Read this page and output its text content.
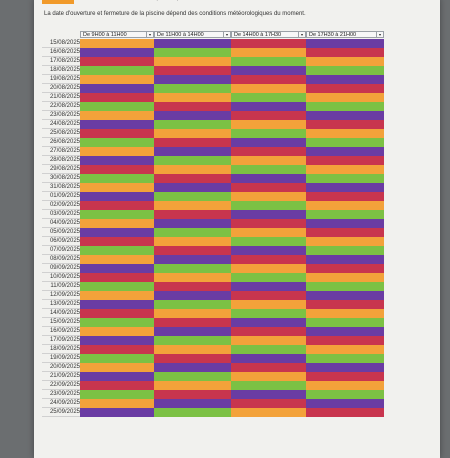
La date d'ouverture et fermeture de la piscine dépend des conditions météorologiques du moment.
De 9H00 à 11H00	▾	De 11H00 à 14H00	▾	De 14H00 à 17H30	▾	De 17H30 à 21H00	▾
15/08/2025
16/08/2025
17/08/2025
18/08/2025
19/08/2025
20/08/2025
21/08/2025
22/08/2025
23/08/2025
24/08/2025
25/08/2025
26/08/2025
27/08/2025
28/08/2025
29/08/2025
30/08/2025
31/08/2025
01/09/2025
02/09/2025
03/09/2025
04/09/2025
05/09/2025
06/09/2025
07/09/2025
08/09/2025
09/09/2025
10/09/2025
11/09/2025
12/09/2025
13/09/2025
14/09/2025
15/09/2025
16/09/2025
17/09/2025
18/09/2025
19/09/2025
20/09/2025
21/09/2025
22/09/2025
23/09/2025
24/09/2025
25/09/2025
